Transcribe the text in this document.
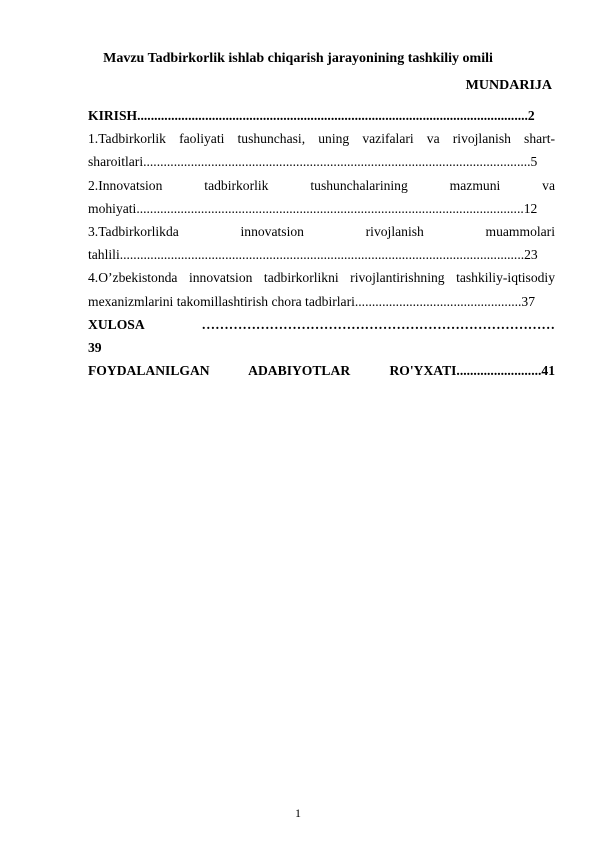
Mavzu Tadbirkorlik ishlab chiqarish jarayonining tashkiliy omili
MUNDARIJA

KIRISH...................................................................................................................2

1.Tadbirkorlik faoliyati tushunchasi, uning vazifalari va rivojlanish shart-

sharoitlari..................................................................................................................5

2.Innovatsion tadbirkorlik tushunchalarining mazmuni va

mohiyati..................................................................................................................12

3.Tadbirkorlikda innovatsion rivojlanish muammolari

tahlili.......................................................................................................................23

4.O’zbekistonda innovatsion tadbirkorlikni rivojlantirishning tashkiliy-iqtisodiy

mexanizmlarini takomillashtirish chora tadbirlari.................................................37

XULOSA ……………………………………………………………………

39

FOYDALANILGAN ADABIYOTLAR RO'YXATI.........................41

1
